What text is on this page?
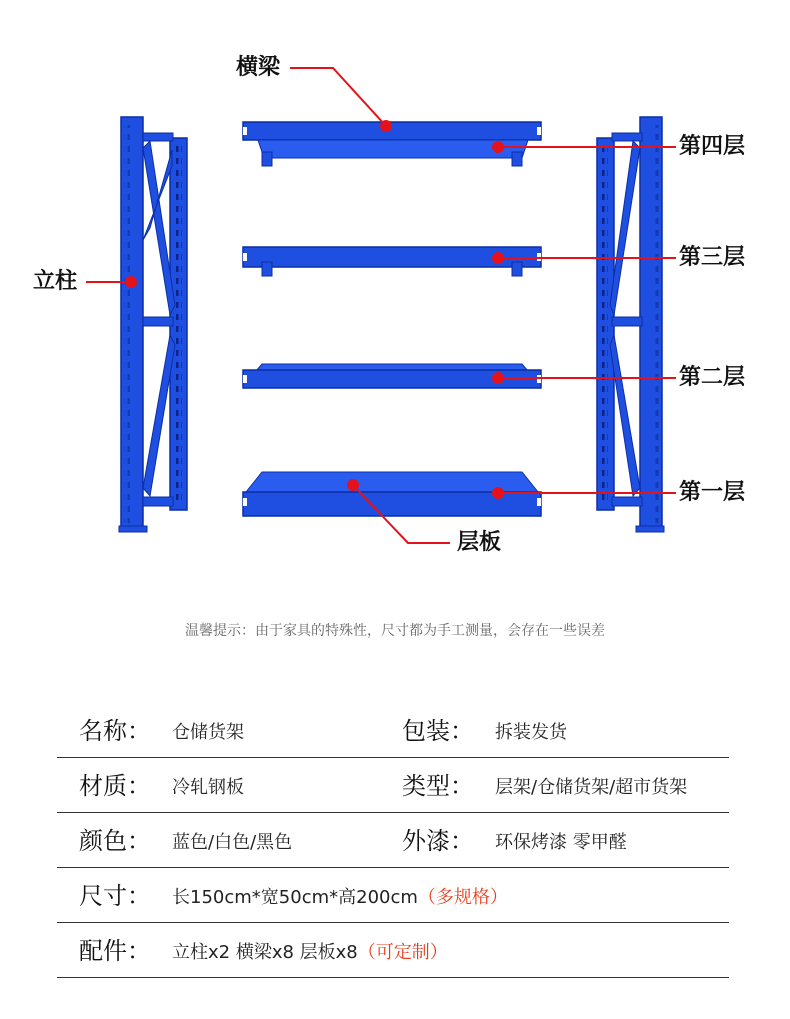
横梁
立柱
层板
第四层
第三层
第二层
第一层
温馨提示：由于家具的特殊性，尺寸都为手工测量，会存在一些误差
名称： 仓储货架	包装： 拆装发货
材质： 冷轧钢板	类型： 层架/仓储货架/超市货架
颜色： 蓝色/白色/黑色	外漆： 环保烤漆 零甲醛
尺寸： 长150cm*宽50cm*高200cm（多规格）
配件： 立柱x2 横梁x8 层板x8（可定制）
